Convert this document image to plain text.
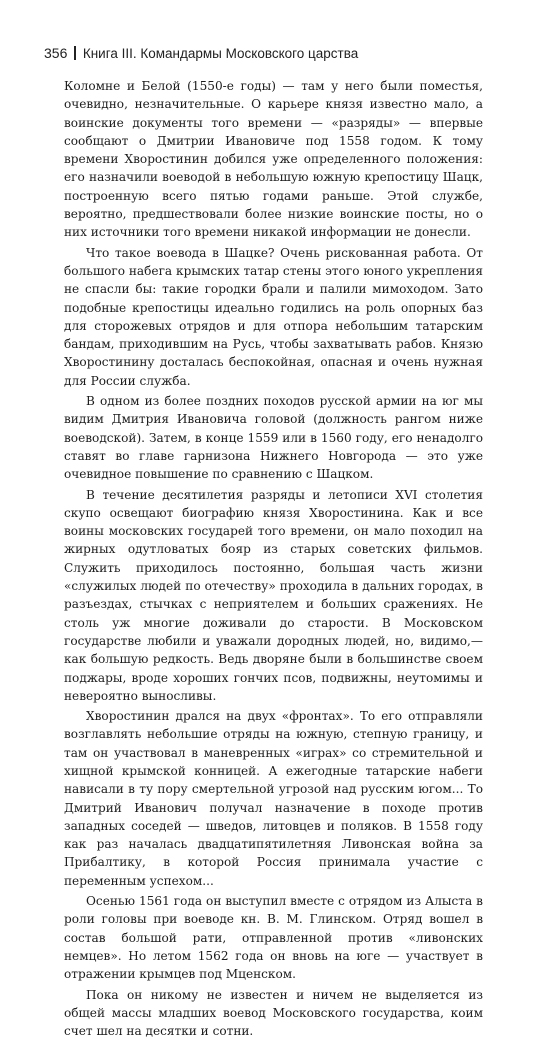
356 Книга III. Командармы Московского царства

Коломне и Белой (1550-е годы) — там у него были поместья, очевидно, незначительные. О карьере князя известно мало, а воинские документы того времени — «разряды» — впервые сообщают о Дмитрии Ивановиче под 1558 годом. К тому времени Хворостинин добился уже определенного положения: его назначили воеводой в небольшую южную крепостицу Шацк, построенную всего пятью годами раньше. Этой службе, вероятно, предшествовали более низкие воинские посты, но о них источники того времени никакой информации не донесли.

Что такое воевода в Шацке? Очень рискованная работа. От большого набега крымских татар стены этого юного укрепления не спасли бы: такие городки брали и палили мимоходом. Зато подобные крепостицы идеально годились на роль опорных баз для сторожевых отрядов и для отпора небольшим татарским бандам, приходившим на Русь, чтобы захватывать рабов. Князю Хворостинину досталась беспокойная, опасная и очень нужная для России служба.

В одном из более поздних походов русской армии на юг мы видим Дмитрия Ивановича головой (должность рангом ниже воеводской). Затем, в конце 1559 или в 1560 году, его ненадолго ставят во главе гарнизона Нижнего Новгорода — это уже очевидное повышение по сравнению с Шацком.

В течение десятилетия разряды и летописи XVI столетия скупо освещают биографию князя Хворостинина. Как и все воины московских государей того времени, он мало походил на жирных одутловатых бояр из старых советских фильмов. Служить приходилось постоянно, большая часть жизни «служилых людей по отечеству» проходила в дальних городах, в разъездах, стычках с неприятелем и больших сражениях. Не столь уж многие доживали до старости. В Московском государстве любили и уважали дородных людей, но, видимо,— как большую редкость. Ведь дворяне были в большинстве своем поджары, вроде хороших гончих псов, подвижны, неутомимы и невероятно выносливы.

Хворостинин дрался на двух «фронтах». То его отправляли возглавлять небольшие отряды на южную, степную границу, и там он участвовал в маневренных «играх» со стремительной и хищной крымской конницей. А ежегодные татарские набеги нависали в ту пору смертельной угрозой над русским югом... То Дмитрий Иванович получал назначение в походе против западных соседей — шведов, литовцев и поляков. В 1558 году как раз началась двадцатипятилетняя Ливонская война за Прибалтику, в которой Россия принимала участие с переменным успехом...

Осенью 1561 года он выступил вместе с отрядом из Алыста в роли головы при воеводе кн. В. М. Глинском. Отряд вошел в состав большой рати, отправленной против «ливонских немцев». Но летом 1562 года он вновь на юге — участвует в отражении крымцев под Мценском.

Пока он никому не известен и ничем не выделяется из общей массы младших воевод Московского государства, коим счет шел на десятки и сотни.
